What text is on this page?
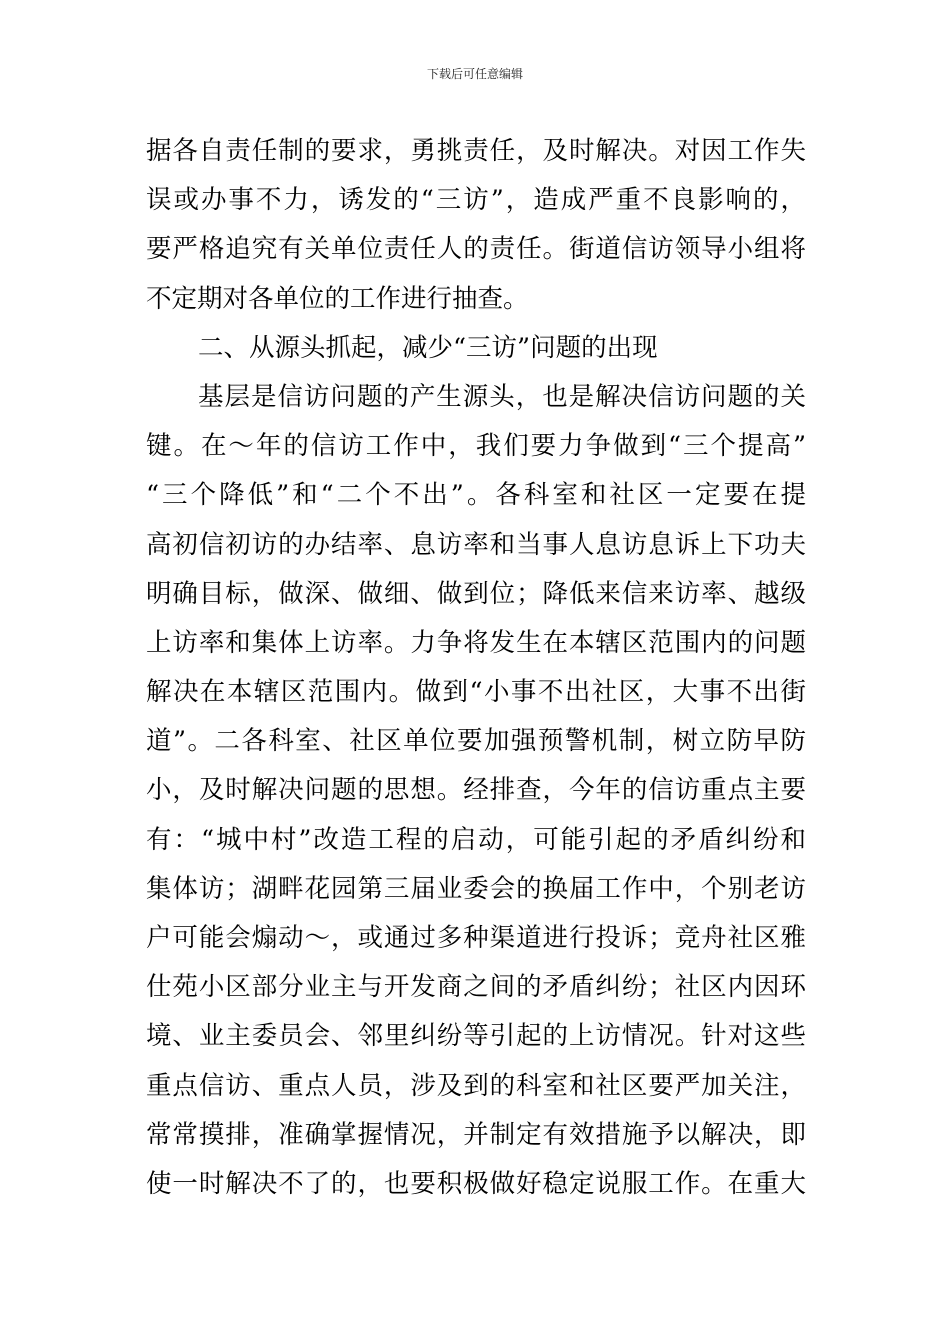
下载后可任意编辑
据各自责任制的要求，勇挑责任，及时解决。对因工作失
误或办事不力，诱发的“三访”，造成严重不良影响的，
要严格追究有关单位责任人的责任。街道信访领导小组将
不定期对各单位的工作进行抽查。
二、从源头抓起，减少“三访”问题的出现
基层是信访问题的产生源头，也是解决信访问题的关
键。在～年的信访工作中，我们要力争做到“三个提高”
“三个降低”和“二个不出”。各科室和社区一定要在提
高初信初访的办结率、息访率和当事人息访息诉上下功夫
明确目标，做深、做细、做到位；降低来信来访率、越级
上访率和集体上访率。力争将发生在本辖区范围内的问题
解决在本辖区范围内。做到“小事不出社区，大事不出街
道”。二各科室、社区单位要加强预警机制，树立防早防
小，及时解决问题的思想。经排查，今年的信访重点主要
有：“城中村”改造工程的启动，可能引起的矛盾纠纷和
集体访；湖畔花园第三届业委会的换届工作中，个别老访
户可能会煽动～，或通过多种渠道进行投诉；竞舟社区雅
仕苑小区部分业主与开发商之间的矛盾纠纷；社区内因环
境、业主委员会、邻里纠纷等引起的上访情况。针对这些
重点信访、重点人员，涉及到的科室和社区要严加关注，
常常摸排，准确掌握情况，并制定有效措施予以解决，即
使一时解决不了的，也要积极做好稳定说服工作。在重大
